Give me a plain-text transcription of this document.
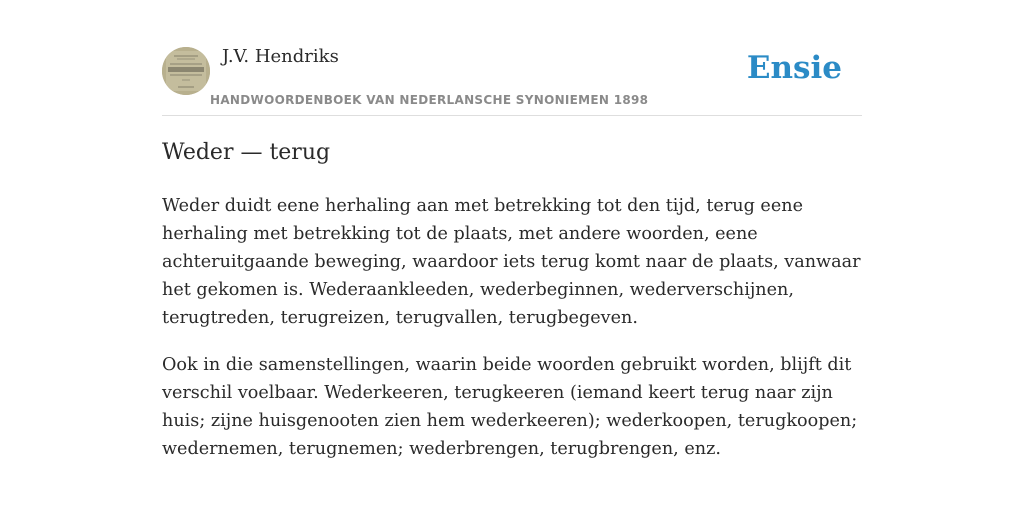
J.V. Hendriks
HANDWOORDENBOEK VAN NEDERLANSCHE SYNONIEMEN 1898
Ensie
Weder — terug

Weder duidt eene herhaling aan met betrekking tot den tijd, terug eene herhaling met betrekking tot de plaats, met andere woorden, eene achteruitgaande beweging, waardoor iets terug komt naar de plaats, vanwaar het gekomen is. Wederaankleeden, wederbeginnen, wederverschijnen, terugtreden, terugreizen, terugvallen, terugbegeven.

Ook in die samenstellingen, waarin beide woorden gebruikt worden, blijft dit verschil voelbaar. Wederkeeren, terugkeeren (iemand keert terug naar zijn huis; zijne huisgenooten zien hem wederkeeren); wederkoopen, terugkoopen; wedernemen, terugnemen; wederbrengen, terugbrengen, enz.
